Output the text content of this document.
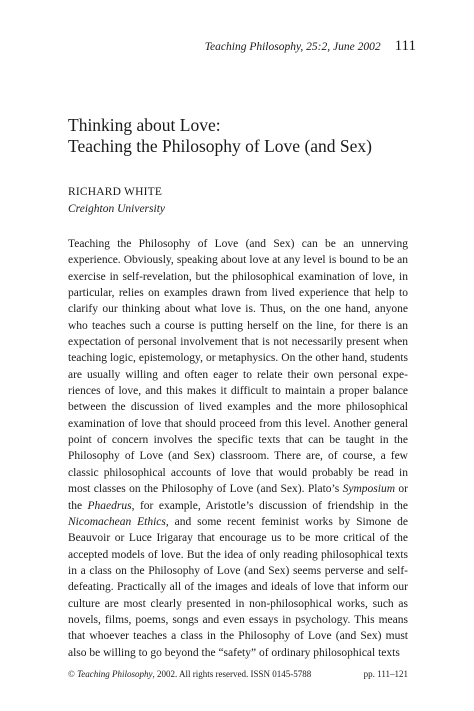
Teaching Philosophy, 25:2, June 2002 111
Thinking about Love:
Teaching the Philosophy of Love (and Sex)
RICHARD WHITE
Creighton University

Teaching the Philosophy of Love (and Sex) can be an unnerving experience. Obviously, speaking about love at any level is bound to be an exercise in self-revelation, but the philosophical examination of love, in particular, relies on examples drawn from lived experience that help to clarify our thinking about what love is. Thus, on the one hand, anyone who teaches such a course is putting herself on the line, for there is an expectation of personal involvement that is not necessarily present when teaching logic, epistemology, or metaphysics. On the other hand, students are usually willing and often eager to relate their own personal experiences of love, and this makes it difficult to maintain a proper balance between the discussion of lived examples and the more philosophical examination of love that should proceed from this level. Another general point of concern involves the specific texts that can be taught in the Philosophy of Love (and Sex) classroom. There are, of course, a few classic philosophical accounts of love that would probably be read in most classes on the Philosophy of Love (and Sex). Plato’s Symposium or the Phaedrus, for example, Aristotle’s discussion of friendship in the Nicomachean Ethics, and some recent feminist works by Simone de Beauvoir or Luce Irigaray that encourage us to be more critical of the accepted models of love. But the idea of only reading philosophical texts in a class on the Philosophy of Love (and Sex) seems perverse and self-defeating. Practically all of the images and ideals of love that inform our culture are most clearly presented in non-philosophical works, such as novels, films, poems, songs and even essays in psychology. This means that whoever teaches a class in the Philosophy of Love (and Sex) must also be willing to go beyond the “safety” of ordinary philosophical texts

© Teaching Philosophy, 2002. All rights reserved. ISSN 0145-5788	pp. 111–121
